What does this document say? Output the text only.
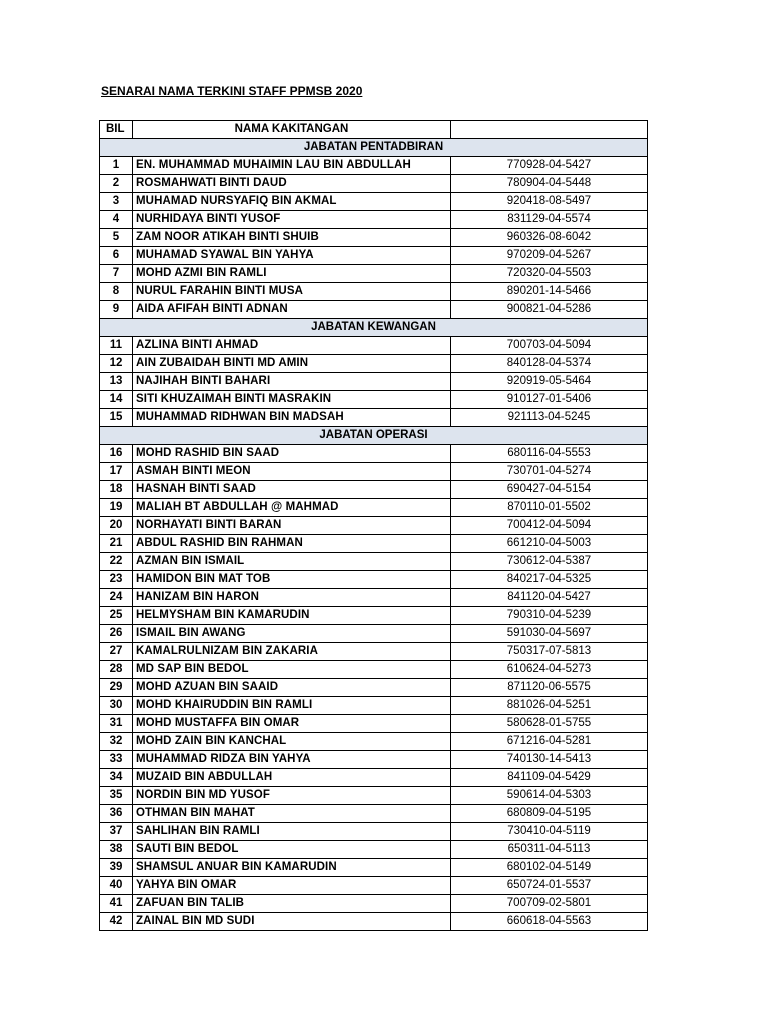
SENARAI NAMA TERKINI STAFF PPMSB 2020
BIL	NAMA KAKITANGAN	
JABATAN PENTADBIRAN		
1	EN. MUHAMMAD MUHAIMIN LAU BIN ABDULLAH	770928-04-5427
2	ROSMAHWATI BINTI DAUD	780904-04-5448
3	MUHAMAD NURSYAFIQ BIN AKMAL	920418-08-5497
4	NURHIDAYA BINTI YUSOF	831129-04-5574
5	ZAM NOOR ATIKAH BINTI SHUIB	960326-08-6042
6	MUHAMAD SYAWAL BIN YAHYA	970209-04-5267
7	MOHD AZMI BIN RAMLI	720320-04-5503
8	NURUL FARAHIN BINTI MUSA	890201-14-5466
9	AIDA AFIFAH BINTI ADNAN	900821-04-5286
JABATAN KEWANGAN		
11	AZLINA BINTI AHMAD	700703-04-5094
12	AIN ZUBAIDAH BINTI MD AMIN	840128-04-5374
13	NAJIHAH BINTI BAHARI	920919-05-5464
14	SITI KHUZAIMAH BINTI MASRAKIN	910127-01-5406
15	MUHAMMAD RIDHWAN BIN MADSAH	921113-04-5245
JABATAN OPERASI		
16	MOHD RASHID BIN SAAD	680116-04-5553
17	ASMAH BINTI MEON	730701-04-5274
18	HASNAH BINTI SAAD	690427-04-5154
19	MALIAH BT ABDULLAH @ MAHMAD	870110-01-5502
20	NORHAYATI BINTI BARAN	700412-04-5094
21	ABDUL RASHID BIN RAHMAN	661210-04-5003
22	AZMAN BIN ISMAIL	730612-04-5387
23	HAMIDON BIN MAT TOB	840217-04-5325
24	HANIZAM BIN HARON	841120-04-5427
25	HELMYSHAM BIN KAMARUDIN	790310-04-5239
26	ISMAIL BIN AWANG	591030-04-5697
27	KAMALRULNIZAM BIN ZAKARIA	750317-07-5813
28	MD SAP BIN BEDOL	610624-04-5273
29	MOHD AZUAN BIN SAAID	871120-06-5575
30	MOHD KHAIRUDDIN BIN RAMLI	881026-04-5251
31	MOHD MUSTAFFA BIN OMAR	580628-01-5755
32	MOHD ZAIN BIN KANCHAL	671216-04-5281
33	MUHAMMAD RIDZA BIN YAHYA	740130-14-5413
34	MUZAID BIN ABDULLAH	841109-04-5429
35	NORDIN BIN MD YUSOF	590614-04-5303
36	OTHMAN BIN MAHAT	680809-04-5195
37	SAHLIHAN BIN RAMLI	730410-04-5119
38	SAUTI BIN BEDOL	650311-04-5113
39	SHAMSUL ANUAR BIN KAMARUDIN	680102-04-5149
40	YAHYA BIN OMAR	650724-01-5537
41	ZAFUAN BIN TALIB	700709-02-5801
42	ZAINAL BIN MD SUDI	660618-04-5563
